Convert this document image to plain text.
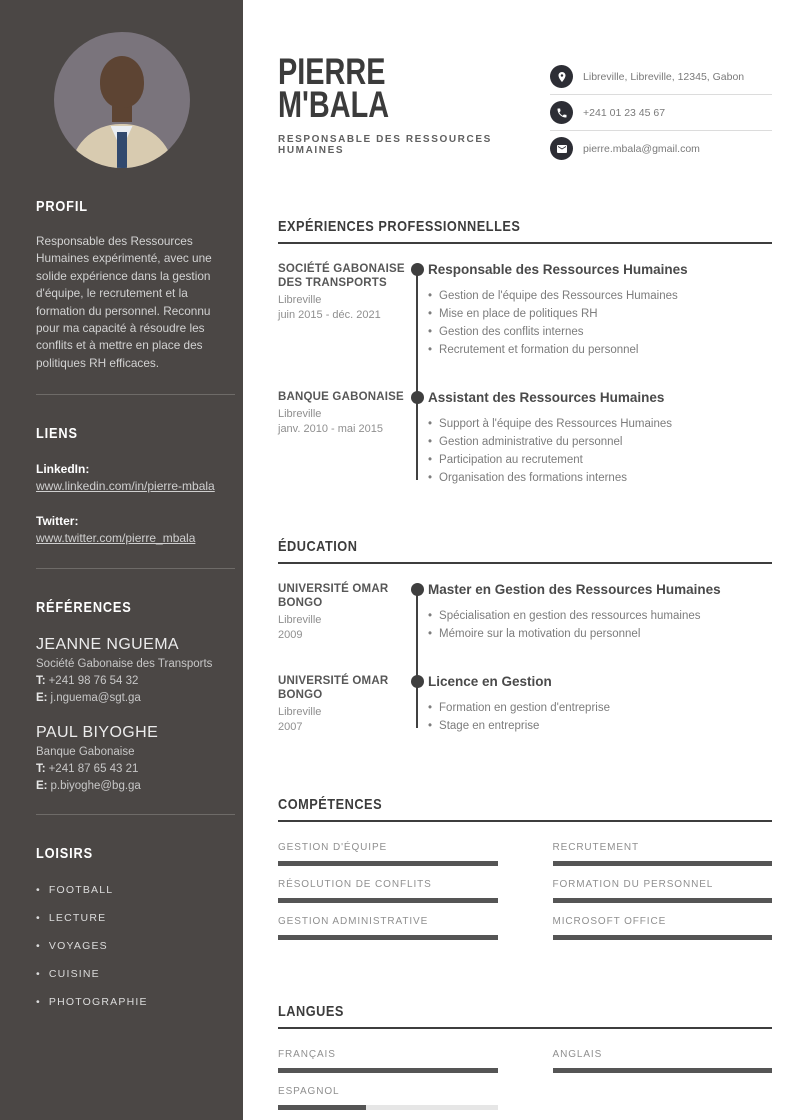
PROFIL

Responsable des Ressources Humaines expérimenté, avec une solide expérience dans la gestion d'équipe, le recrutement et la formation du personnel. Reconnu pour ma capacité à résoudre les conflits et à mettre en place des politiques RH efficaces.

LIENS
LinkedIn:
www.linkedin.com/in/pierre-mbala
Twitter:
www.twitter.com/pierre_mbala
RÉFÉRENCES
JEANNE NGUEMA
Société Gabonaise des Transports
T: +241 98 76 54 32
E: j.nguema@sgt.ga
PAUL BIYOGHE
Banque Gabonaise
T: +241 87 65 43 21
E: p.biyoghe@bg.ga
LOISIRS
• FOOTBALL
• LECTURE
• VOYAGES
• CUISINE
• PHOTOGRAPHIE
PIERRE
M'BALA
RESPONSABLE DES RESSOURCES HUMAINES
Libreville, Libreville, 12345, Gabon
+241 01 23 45 67
pierre.mbala@gmail.com
EXPÉRIENCES PROFESSIONNELLES
SOCIÉTÉ GABONAISE DES TRANSPORTS
Libreville
juin 2015 - déc. 2021
Responsable des Ressources Humaines
• Gestion de l'équipe des Ressources Humaines
• Mise en place de politiques RH
• Gestion des conflits internes
• Recrutement et formation du personnel
BANQUE GABONAISE
Libreville
janv. 2010 - mai 2015
Assistant des Ressources Humaines
• Support à l'équipe des Ressources Humaines
• Gestion administrative du personnel
• Participation au recrutement
• Organisation des formations internes
ÉDUCATION
UNIVERSITÉ OMAR BONGO
Libreville
2009
Master en Gestion des Ressources Humaines
• Spécialisation en gestion des ressources humaines
• Mémoire sur la motivation du personnel
UNIVERSITÉ OMAR BONGO
Libreville
2007
Licence en Gestion
• Formation en gestion d'entreprise
• Stage en entreprise
COMPÉTENCES
GESTION D'ÉQUIPE	RECRUTEMENT
RÉSOLUTION DE CONFLITS	FORMATION DU PERSONNEL
GESTION ADMINISTRATIVE	MICROSOFT OFFICE
LANGUES
FRANÇAIS	ANGLAIS
ESPAGNOL
